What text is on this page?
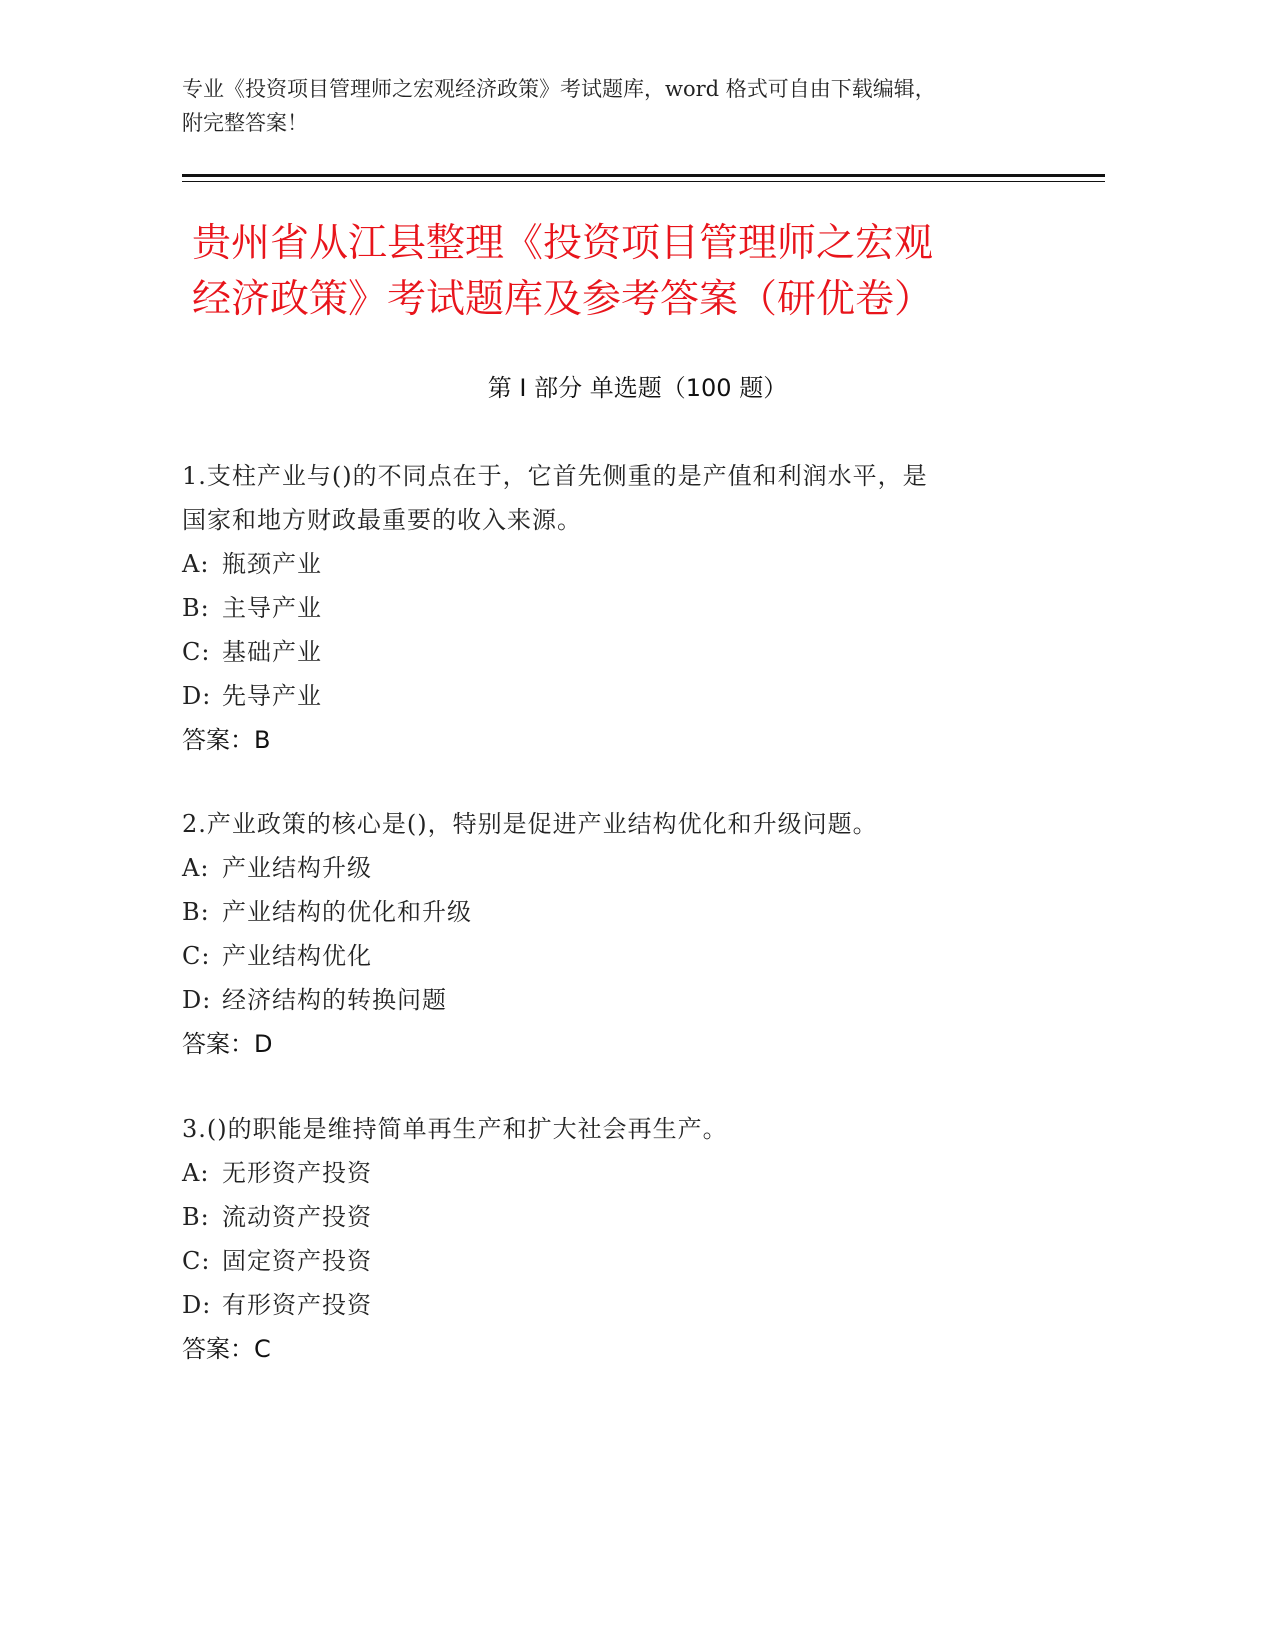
专业《投资项目管理师之宏观经济政策》考试题库，word 格式可自由下载编辑，
附完整答案！
贵州省从江县整理《投资项目管理师之宏观
经济政策》考试题库及参考答案（研优卷）
第 I 部分 单选题（100 题）
1.支柱产业与()的不同点在于，它首先侧重的是产值和利润水平，是
国家和地方财政最重要的收入来源。
A: 瓶颈产业
B: 主导产业
C: 基础产业
D: 先导产业
答案：B
2.产业政策的核心是()，特别是促进产业结构优化和升级问题。
A: 产业结构升级
B: 产业结构的优化和升级
C: 产业结构优化
D: 经济结构的转换问题
答案：D
3.()的职能是维持简单再生产和扩大社会再生产。
A: 无形资产投资
B: 流动资产投资
C: 固定资产投资
D: 有形资产投资
答案：C
